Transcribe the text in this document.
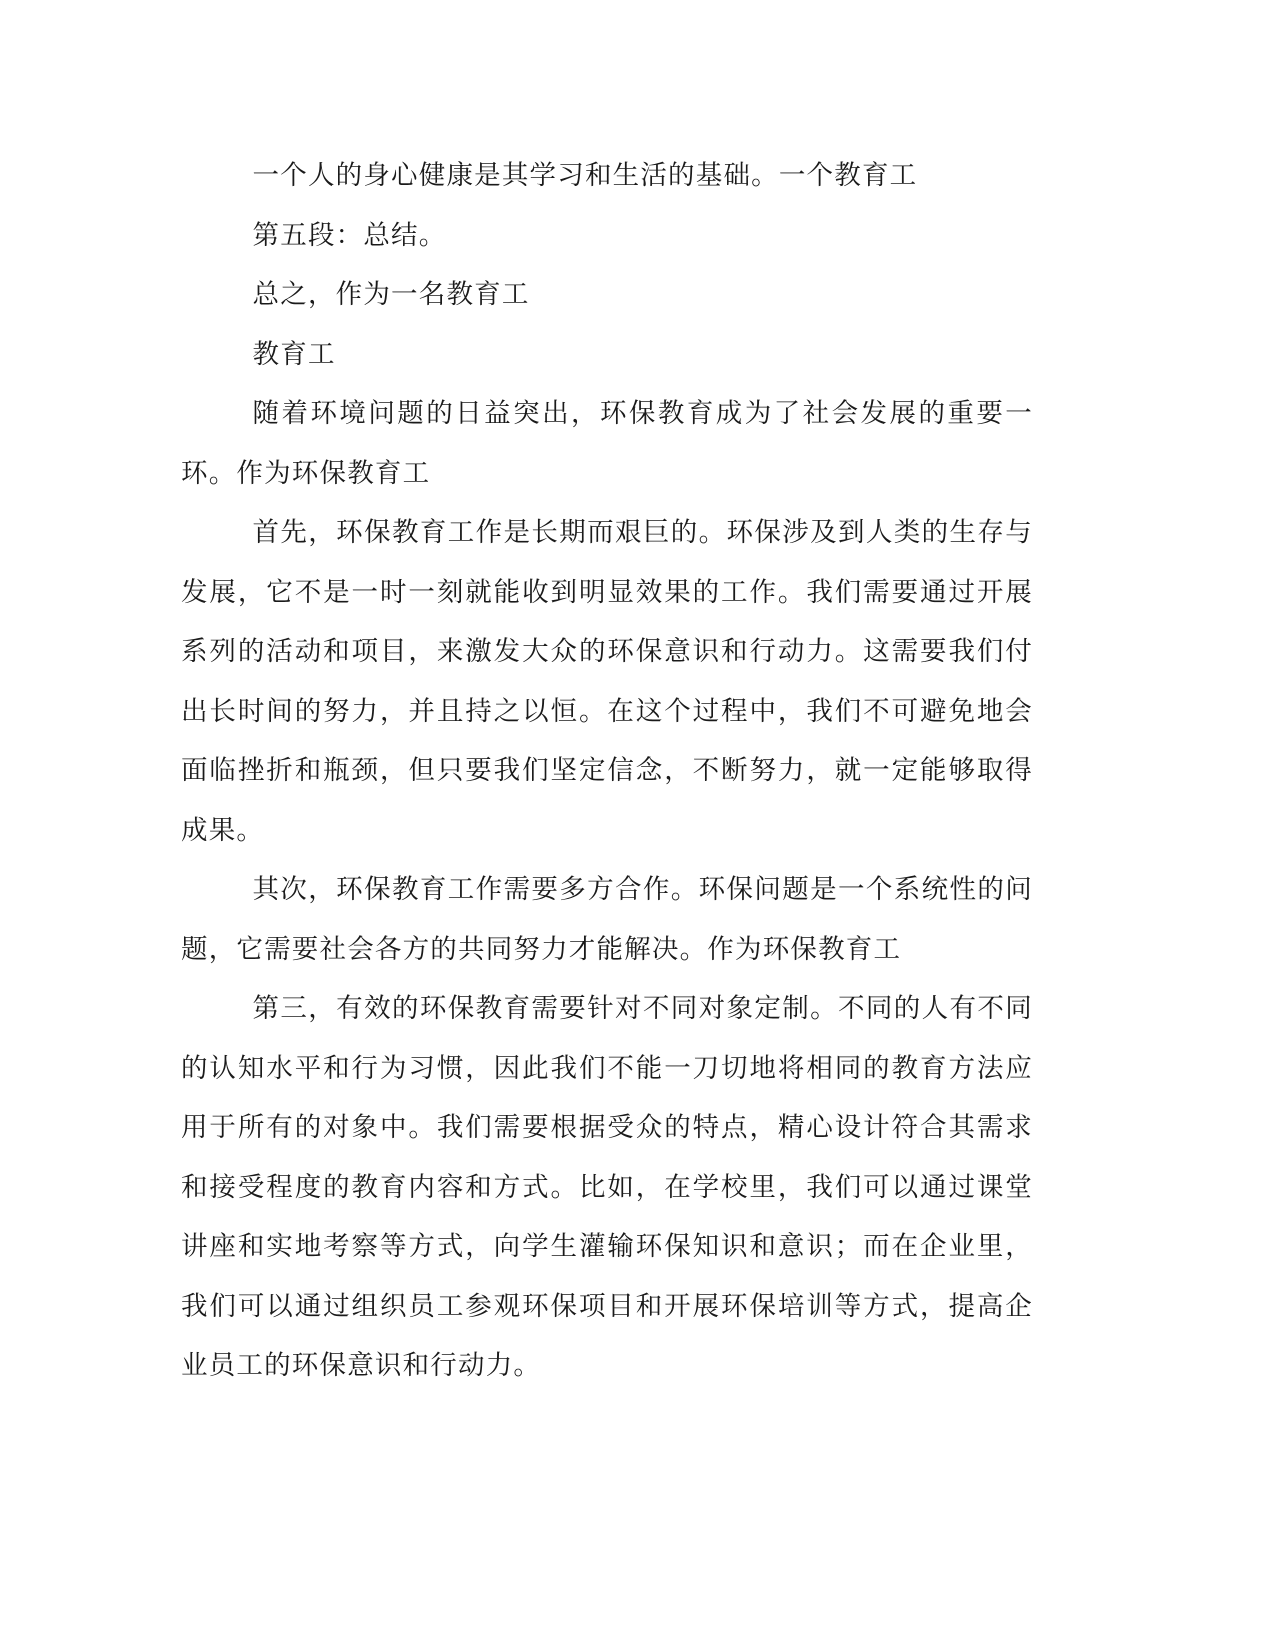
一个人的身心健康是其学习和生活的基础。一个教育工

第五段：总结。

总之，作为一名教育工

教育工

随着环境问题的日益突出，环保教育成为了社会发展的重要一环。作为环保教育工

首先，环保教育工作是长期而艰巨的。环保涉及到人类的生存与发展，它不是一时一刻就能收到明显效果的工作。我们需要通过开展系列的活动和项目，来激发大众的环保意识和行动力。这需要我们付出长时间的努力，并且持之以恒。在这个过程中，我们不可避免地会面临挫折和瓶颈，但只要我们坚定信念，不断努力，就一定能够取得成果。

其次，环保教育工作需要多方合作。环保问题是一个系统性的问题，它需要社会各方的共同努力才能解决。作为环保教育工

第三，有效的环保教育需要针对不同对象定制。不同的人有不同的认知水平和行为习惯，因此我们不能一刀切地将相同的教育方法应用于所有的对象中。我们需要根据受众的特点，精心设计符合其需求和接受程度的教育内容和方式。比如，在学校里，我们可以通过课堂讲座和实地考察等方式，向学生灌输环保知识和意识；而在企业里，我们可以通过组织员工参观环保项目和开展环保培训等方式，提高企业员工的环保意识和行动力。
